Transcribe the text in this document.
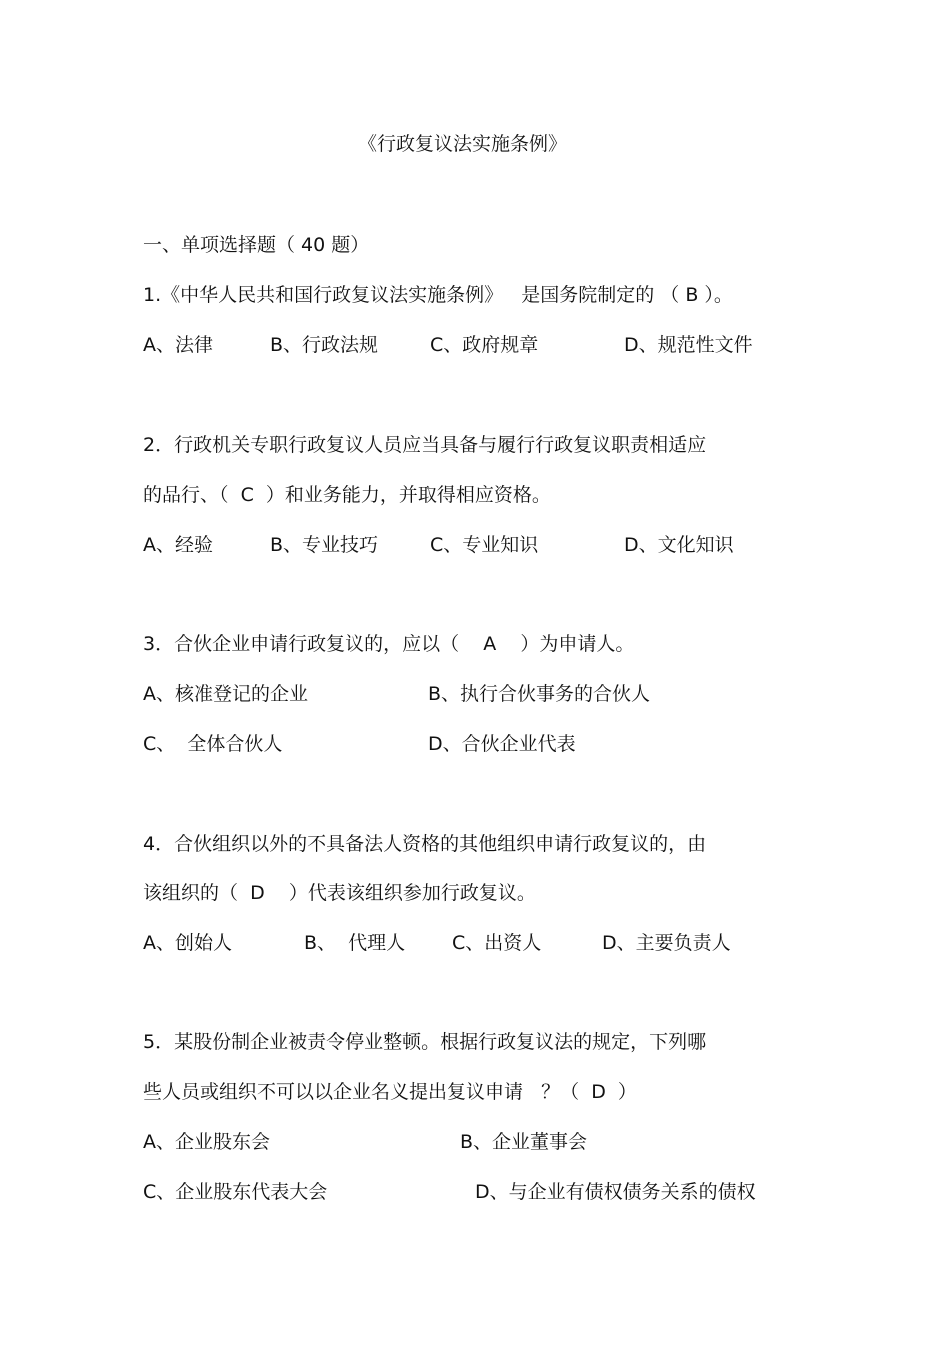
《行政复议法实施条例》
一、单项选择题（ 40 题）
1.《中华人民共和国行政复议法实施条例》   是国务院制定的 （ B ）。
A、法律	B、行政法规	C、政府规章	D、规范性文件
2．行政机关专职行政复议人员应当具备与履行行政复议职责相适应
的品行、（  C  ）和业务能力，并取得相应资格。
A、经验	B、专业技巧	C、专业知识	D、文化知识
3．合伙企业申请行政复议的，应以（    A    ）为申请人。
A、核准登记的企业	B、执行合伙事务的合伙人
C、  全体合伙人	D、合伙企业代表
4．合伙组织以外的不具备法人资格的其他组织申请行政复议的，由
该组织的（  D    ）代表该组织参加行政复议。
A、创始人	B、  代理人 C、出资人	D、主要负责人
5．某股份制企业被责令停业整顿。根据行政复议法的规定，下列哪
些人员或组织不可以以企业名义提出复议申请   ？（  D  ）
A、企业股东会	B、企业董事会
C、企业股东代表大会	D、与企业有债权债务关系的债权
